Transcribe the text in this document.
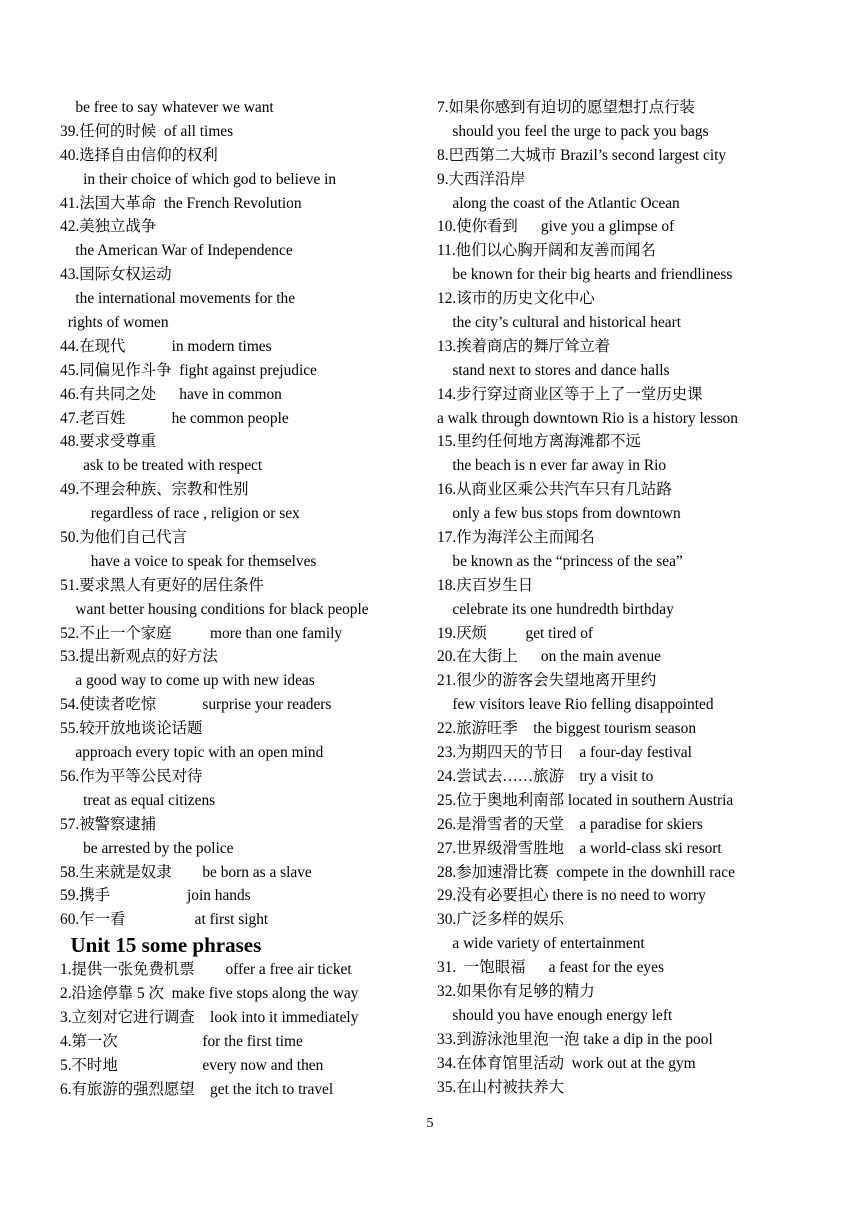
be free to say whatever we want
39.任何的时候  of all times
40.选择自由信仰的权利
in their choice of which god to believe in
41.法国大革命  the French Revolution
42.美独立战争
the American War of Independence
43.国际女权运动
the international movements for the
rights of women
44.在现代            in modern times
45.同偏见作斗争  fight against prejudice
46.有共同之处      have in common
47.老百姓            he common people
48.要求受尊重
ask to be treated with respect
49.不理会种族、宗教和性别
regardless of race , religion or sex
50.为他们自己代言
have a voice to speak for themselves
51.要求黑人有更好的居住条件
want better housing conditions for black people
52.不止一个家庭          more than one family
53.提出新观点的好方法
a good way to come up with new ideas
54.使读者吃惊            surprise your readers
55.较开放地谈论话题
approach every topic with an open mind
56.作为平等公民对待
treat as equal citizens
57.被警察逮捕
be arrested by the police
58.生来就是奴隶        be born as a slave
59.携手                    join hands
60.乍一看                  at first sight
Unit 15 some phrases
1.提供一张免费机票        offer a free air ticket
2.沿途停靠 5 次  make five stops along the way
3.立刻对它进行调查    look into it immediately
4.第一次                      for the first time
5.不时地                      every now and then
6.有旅游的强烈愿望    get the itch to travel
7.如果你感到有迫切的愿望想打点行装
should you feel the urge to pack you bags
8.巴西第二大城市 Brazil’s second largest city
9.大西洋沿岸
along the coast of the Atlantic Ocean
10.使你看到      give you a glimpse of
11.他们以心胸开阔和友善而闻名
be known for their big hearts and friendliness
12.该市的历史文化中心
the city’s cultural and historical heart
13.挨着商店的舞厅耸立着
stand next to stores and dance halls
14.步行穿过商业区等于上了一堂历史课
a walk through downtown Rio is a history lesson
15.里约任何地方离海滩都不远
the beach is n ever far away in Rio
16.从商业区乘公共汽车只有几站路
only a few bus stops from downtown
17.作为海洋公主而闻名
be known as the “princess of the sea”
18.庆百岁生日
celebrate its one hundredth birthday
19.厌烦          get tired of
20.在大街上      on the main avenue
21.很少的游客会失望地离开里约
few visitors leave Rio felling disappointed
22.旅游旺季    the biggest tourism season
23.为期四天的节日    a four-day festival
24.尝试去……旅游    try a visit to
25.位于奥地利南部 located in southern Austria
26.是滑雪者的天堂    a paradise for skiers
27.世界级滑雪胜地    a world-class ski resort
28.参加速滑比赛  compete in the downhill race
29.没有必要担心 there is no need to worry
30.广泛多样的娱乐
a wide variety of entertainment
31.  一饱眼福      a feast for the eyes
32.如果你有足够的精力
should you have enough energy left
33.到游泳池里泡一泡 take a dip in the pool
34.在体育馆里活动  work out at the gym
35.在山村被扶养大
5
